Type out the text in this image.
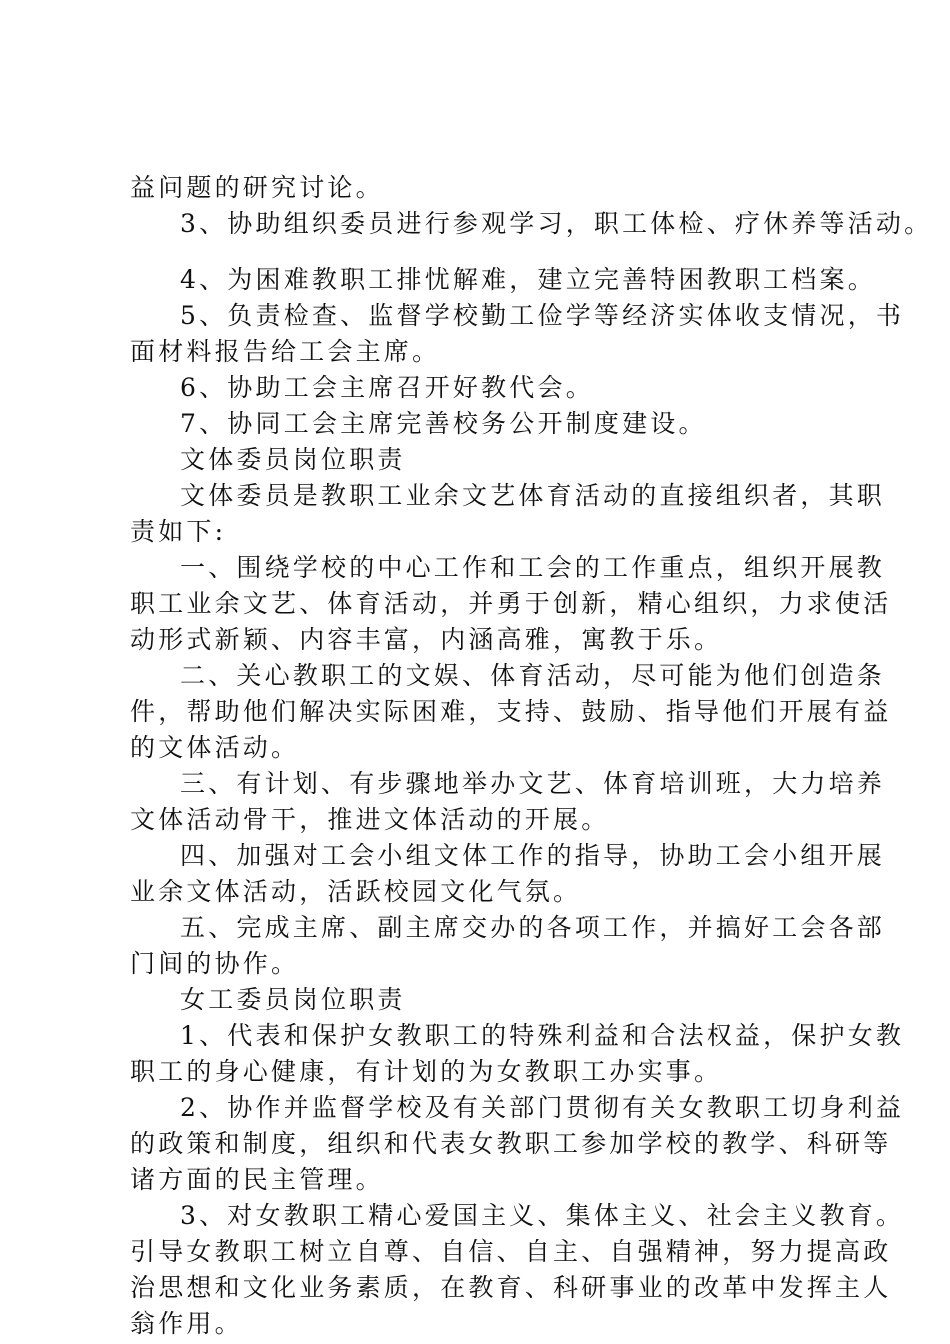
益问题的研究讨论。
3、协助组织委员进行参观学习，职工体检、疗休养等活动。
4、为困难教职工排忧解难，建立完善特困教职工档案。
5、负责检查、监督学校勤工俭学等经济实体收支情况，书
面材料报告给工会主席。
6、协助工会主席召开好教代会。
7、协同工会主席完善校务公开制度建设。
文体委员岗位职责
文体委员是教职工业余文艺体育活动的直接组织者，其职
责如下:
一、围绕学校的中心工作和工会的工作重点，组织开展教
职工业余文艺、体育活动，并勇于创新，精心组织，力求使活
动形式新颖、内容丰富，内涵高雅，寓教于乐。
二、关心教职工的文娱、体育活动，尽可能为他们创造条
件，帮助他们解决实际困难，支持、鼓励、指导他们开展有益
的文体活动。
三、有计划、有步骤地举办文艺、体育培训班，大力培养
文体活动骨干，推进文体活动的开展。
四、加强对工会小组文体工作的指导，协助工会小组开展
业余文体活动，活跃校园文化气氛。
五、完成主席、副主席交办的各项工作，并搞好工会各部
门间的协作。
女工委员岗位职责
1、代表和保护女教职工的特殊利益和合法权益，保护女教
职工的身心健康，有计划的为女教职工办实事。
2、协作并监督学校及有关部门贯彻有关女教职工切身利益
的政策和制度，组织和代表女教职工参加学校的教学、科研等
诸方面的民主管理。
3、对女教职工精心爱国主义、集体主义、社会主义教育。
引导女教职工树立自尊、自信、自主、自强精神，努力提高政
治思想和文化业务素质，在教育、科研事业的改革中发挥主人
翁作用。
